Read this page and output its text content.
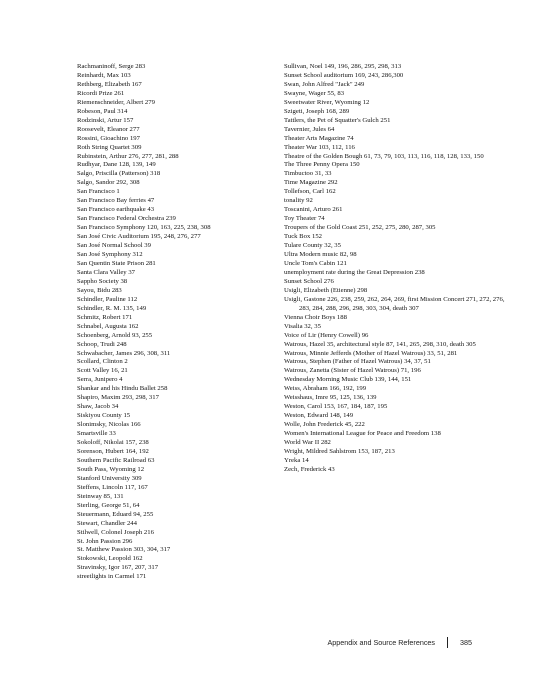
Rachmaninoff, Serge 283
Reinhardt, Max 103
Rethberg, Elizabeth 167
Ricordi Prize 261
Riemenschneider, Albert 279
Robeson, Paul 314
Rodzinski, Artur 157
Roosevelt, Eleanor 277
Rossini, Gioachino 197
Roth String Quartet 309
Rubinstein, Arthur 276, 277, 281, 288
Rudhyar, Dane 128, 139, 149
Salgo, Priscilla (Patterson) 318
Salgo, Sandor 292, 308
San Francisco 1
San Francisco Bay ferries 47
San Francisco earthquake 43
San Francisco Federal Orchestra 239
San Francisco Symphony 120, 163, 225, 238, 308
San José Civic Auditorium 195, 248, 276, 277
San José Normal School 39
San José Symphony 312
San Quentin State Prison 281
Santa Clara Valley 37
Sappho Society 38
Sayou, Bidu 283
Schindler, Pauline 112
Schindler, R. M. 135, 149
Schmitz, Robert 171
Schnabel, Augusta 162
Schoenberg, Arnold 93, 255
Schoop, Trudi 248
Schwabacher, James 296, 308, 311
Scollard, Clinton 2
Scott Valley 16, 21
Serra, Junipero 4
Shankar and his Hindu Ballet 258
Shapiro, Maxim 293, 298, 317
Shaw, Jacob 34
Siskiyou County 15
Slonimsky, Nicolas 166
Smartsville 33
Sokoloff, Nikolai 157, 238
Sorenson, Hubert 164, 192
Southern Pacific Railroad 63
South Pass, Wyoming 12
Stanford University 309
Steffens, Lincoln 117, 167
Steinway 85, 131
Sterling, George 51, 64
Steuermann, Eduard 94, 255
Stewart, Chandler 244
Stilwell, Colonel Joseph 216
St. John Passion 296
St. Matthew Passion 303, 304, 317
Stokowski, Leopold 162
Stravinsky, Igor 167, 207, 317
streetlights in Carmel 171
Sullivan, Noel 149, 196, 286, 295, 298, 313
Sunset School auditorium 169, 243, 286,300
Swan, John Alfred "Jack" 249
Swayne, Wager 55, 83
Sweetwater River, Wyoming 12
Szigeti, Joseph 168, 289
Tattlers, the Pet of Squatter's Gulch 251
Tavernier, Jules 64
Theater Arts Magazine 74
Theater War 103, 112, 116
Theatre of the Golden Bough 61, 73, 79, 103, 113, 116, 118, 128, 133, 150
The Three Penny Opera 150
Timbuctoo 31, 33
Time Magazine 292
Tollefson, Carl 162
tonality 92
Toscanini, Arturo 261
Toy Theater 74
Troupers of the Gold Coast 251, 252, 275, 280, 287, 305
Tuck Box 152
Tulare County 32, 35
Ultra Modern music 82, 98
Uncle Tom's Cabin 121
unemployment rate during the Great Depression 238
Sunset School 276
Usigli, Elizabeth (Etienne) 298
Usigli, Gastone 226, 238, 259, 262, 264, 269, first Mission Concert 271, 272, 276, 283, 284, 288, 296, 298, 303, 304, death 307
Vienna Choir Boys 188
Visalia 32, 35
Voice of Lir (Henry Cowell) 96
Watrous, Hazel 35, architectural style 87, 141, 265, 298, 310, death 305
Watrous, Minnie Jefferds (Mother of Hazel Watrous) 33, 51, 281
Watrous, Stephen (Father of Hazel Watrous) 34, 37, 51
Watrous, Zanetta (Sister of Hazel Watrous) 71, 196
Wednesday Morning Music Club 139, 144, 151
Weiss, Abraham 166, 192, 199
Weisshaus, Imre 95, 125, 136, 139
Weston, Carol 153, 167, 184, 187, 195
Weston, Edward 148, 149
Wolle, John Frederick 45, 222
Women's International League for Peace and Freedom 138
World War II 282
Wright, Mildred Sahlstrom 153, 187, 213
Yreka 14
Zech, Frederick 43
Appendix and Source References	385
